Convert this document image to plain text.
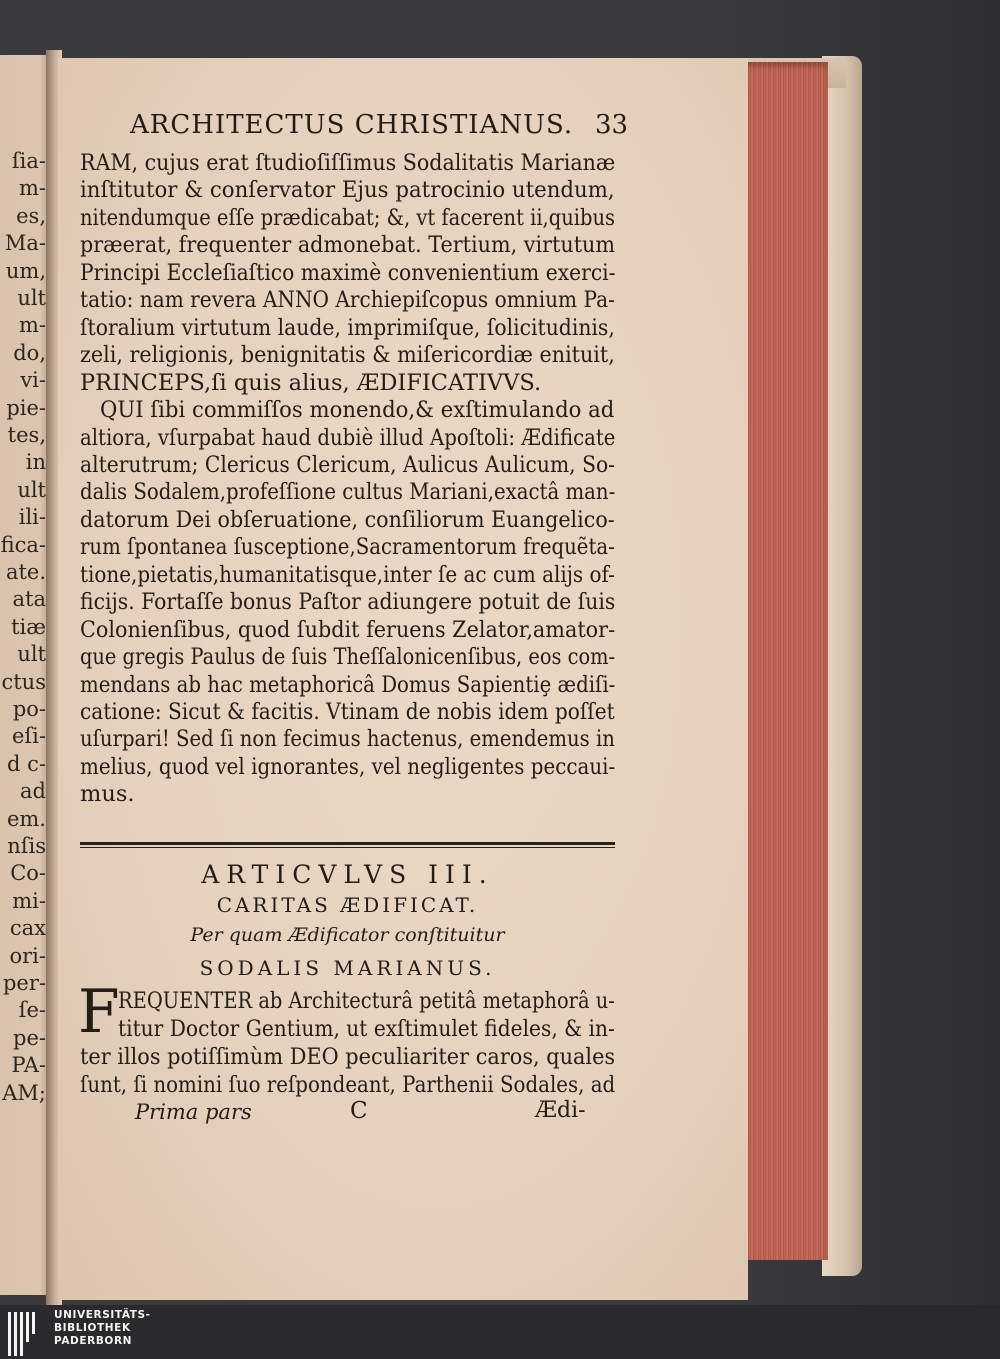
ſia-
m-
es,
Ma-
um,
ult
m-
do,
vi-
pie-
tes,
in
ult
ili-
fica-
ate.
ata
tiæ
ult
ctus
po-
eſi-
d c-
ad
em.
nſis
Co-
mi-
cax
ori-
per-
ſe-
pe-
PA-
AM;
ARCHITECTUS CHRISTIANUS. 33
RAM, cujus erat ſtudioſiſſimus Sodalitatis Marianæ
inſtitutor & conſervator Ejus patrocinio utendum,
nitendumque eſſe prædicabat; &, vt facerent ii,quibus
præerat, frequenter admonebat. Tertium, virtutum
Principi Eccleſiaſtico maximè convenientium exerci-
tatio: nam revera ANNO Archiepiſcopus omnium Pa-
ſtoralium virtutum laude, imprimiſque, ſolicitudinis,
zeli, religionis, benignitatis & miſericordiæ enituit,
PRINCEPS,ſi quis alius, ÆDIFICATIVVS.
QUI ſibi commiſſos monendo,& exſtimulando ad
altiora, vſurpabat haud dubiè illud Apoſtoli: Ædificate
alterutrum; Clericus Clericum, Aulicus Aulicum, So-
dalis Sodalem,profeſſione cultus Mariani,exactâ man-
datorum Dei obſeruatione, conſiliorum Euangelico-
rum ſpontanea ſusceptione,Sacramentorum frequẽta-
tione,pietatis,humanitatisque,inter ſe ac cum alijs of-
ficijs. Fortaſſe bonus Paſtor adiungere potuit de ſuis
Colonienſibus, quod ſubdit feruens Zelator,amator-
que gregis Paulus de ſuis Theſſalonicenſibus, eos com-
mendans ab hac metaphoricâ Domus Sapientiȩ ædiſi-
catione: Sicut & facitis. Vtinam de nobis idem poſſet
uſurpari! Sed ſi non fecimus hactenus, emendemus in
melius, quod vel ignorantes, vel negligentes peccaui-
mus.
ARTICVLVS III.
CARITAS ÆDIFICAT.
Per quam Ædificator conſtituitur
SODALIS MARIANUS.
F
REQUENTER ab Architecturâ petitâ metaphorâ u-
titur Doctor Gentium, ut exſtimulet fideles, & in-
ter illos potiſſimùm DEO peculiariter caros, quales
ſunt, ſi nomini ſuo reſpondeant, Parthenii Sodales, ad
Prima pars	C	Ædi-
UNIVERSITÄTS-
BIBLIOTHEK
PADERBORN
